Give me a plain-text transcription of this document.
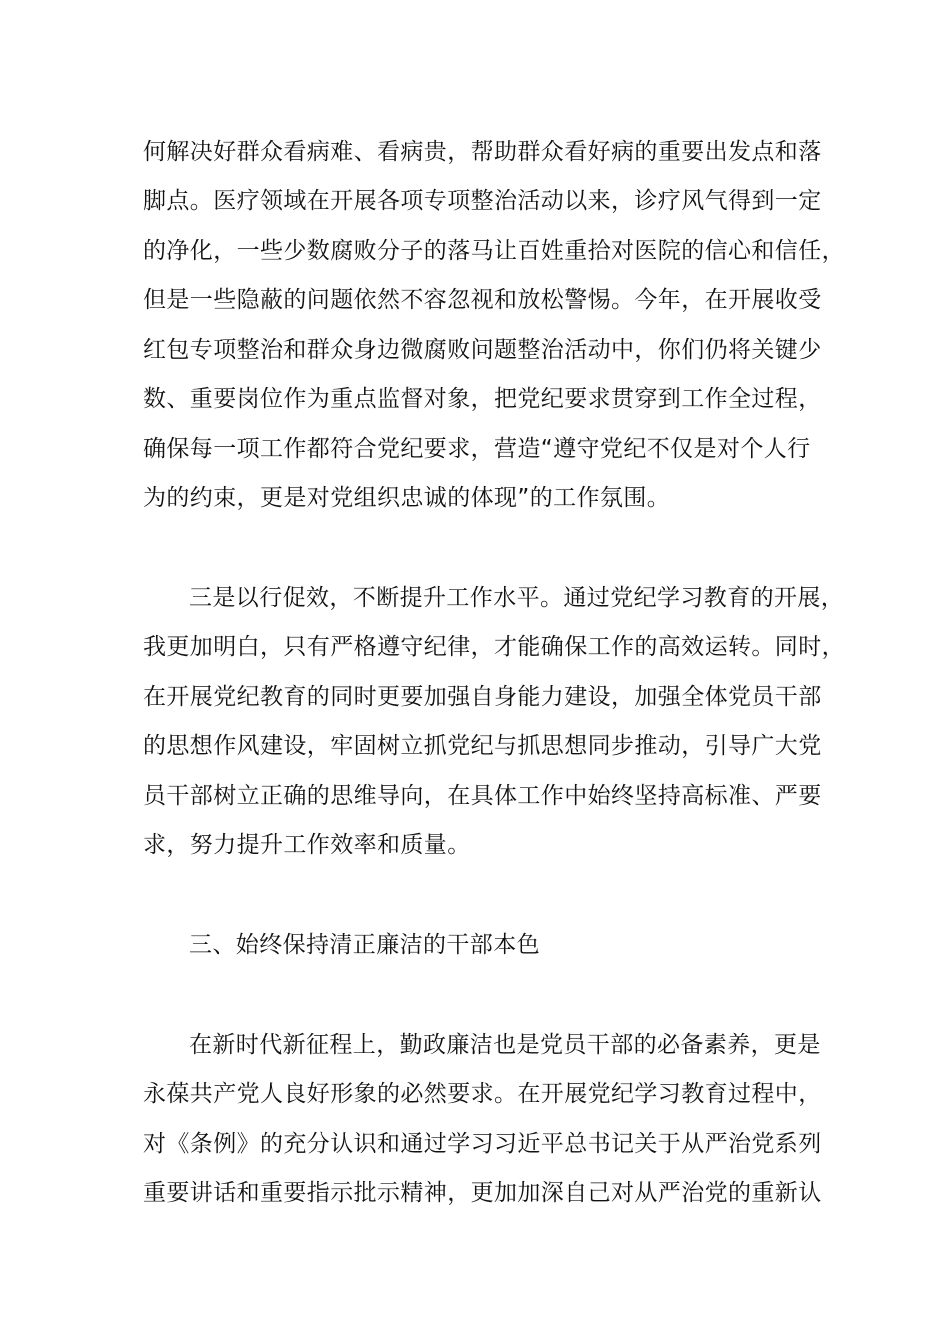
何解决好群众看病难、看病贵，帮助群众看好病的重要出发点和落
脚点。医疗领域在开展各项专项整治活动以来，诊疗风气得到一定
的净化，一些少数腐败分子的落马让百姓重拾对医院的信心和信任，
但是一些隐蔽的问题依然不容忽视和放松警惕。今年，在开展收受
红包专项整治和群众身边微腐败问题整治活动中，你们仍将关键少
数、重要岗位作为重点监督对象，把党纪要求贯穿到工作全过程，
确保每一项工作都符合党纪要求，营造“遵守党纪不仅是对个人行
为的约束，更是对党组织忠诚的体现”的工作氛围。
三是以行促效，不断提升工作水平。通过党纪学习教育的开展，
我更加明白，只有严格遵守纪律，才能确保工作的高效运转。同时，
在开展党纪教育的同时更要加强自身能力建设，加强全体党员干部
的思想作风建设，牢固树立抓党纪与抓思想同步推动，引导广大党
员干部树立正确的思维导向，在具体工作中始终坚持高标准、严要
求，努力提升工作效率和质量。
三、始终保持清正廉洁的干部本色
在新时代新征程上，勤政廉洁也是党员干部的必备素养，更是
永葆共产党人良好形象的必然要求。在开展党纪学习教育过程中，
对《条例》的充分认识和通过学习习近平总书记关于从严治党系列
重要讲话和重要指示批示精神，更加加深自己对从严治党的重新认
